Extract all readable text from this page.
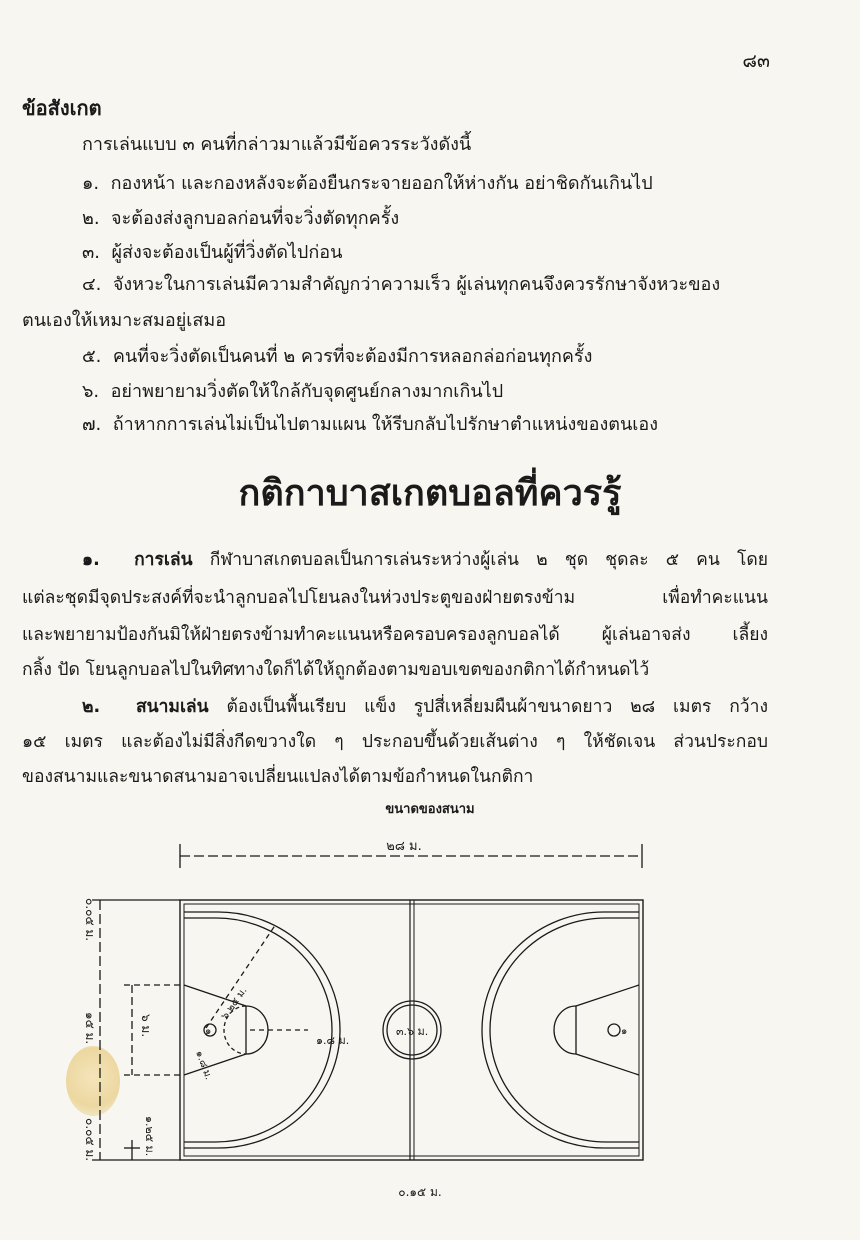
๘๓
ข้อสังเกต
การเล่นแบบ ๓ คนที่กล่าวมาแล้วมีข้อควรระวังดังนี้
๑. กองหน้า และกองหลังจะต้องยืนกระจายออกให้ห่างกัน อย่าชิดกันเกินไป
๒. จะต้องส่งลูกบอลก่อนที่จะวิ่งตัดทุกครั้ง
๓. ผู้ส่งจะต้องเป็นผู้ที่วิ่งตัดไปก่อน
๔. จังหวะในการเล่นมีความสำคัญกว่าความเร็ว ผู้เล่นทุกคนจึงควรรักษาจังหวะของ
ตนเองให้เหมาะสมอยู่เสมอ
๕. คนที่จะวิ่งตัดเป็นคนที่ ๒ ควรที่จะต้องมีการหลอกล่อก่อนทุกครั้ง
๖. อย่าพยายามวิ่งตัดให้ใกล้กับจุดศูนย์กลางมากเกินไป
๗. ถ้าหากการเล่นไม่เป็นไปตามแผน ให้รีบกลับไปรักษาตำแหน่งของตนเอง
กติกาบาสเกตบอลที่ควรรู้
๑. การเล่น กีฬาบาสเกตบอลเป็นการเล่นระหว่างผู้เล่น ๒ ชุด ชุดละ ๕ คน โดย
แต่ละชุดมีจุดประสงค์ที่จะนำลูกบอลไปโยนลงในห่วงประตูของฝ่ายตรงข้าม เพื่อทำคะแนน
และพยายามป้องกันมิให้ฝ่ายตรงข้ามทำคะแนนหรือครอบครองลูกบอลได้ ผู้เล่นอาจส่ง เลี้ยง
กลิ้ง ปัด โยนลูกบอลไปในทิศทางใดก็ได้ให้ถูกต้องตามขอบเขตของกติกาได้กำหนดไว้
๒. สนามเล่น ต้องเป็นพื้นเรียบ แข็ง รูปสี่เหลี่ยมผืนผ้าขนาดยาว ๒๘ เมตร กว้าง
๑๕ เมตร และต้องไม่มีสิ่งกีดขวางใด ๆ ประกอบขึ้นด้วยเส้นต่าง ๆ ให้ชัดเจน ส่วนประกอบ
ของสนามและขนาดสนามอาจเปลี่ยนแปลงได้ตามข้อกำหนดในกติกา
ขนาดของสนาม
๒๘ ม.
๐.๐๕ ม.
๑๕ ม.
๐.๐๕ ม.
๖ ม.
๑.๒๕ ม.
๖.๒๕ ม.
๑.๘ ม.
๑.๘ ม.
๓.๖ ม.
๑	๑
๐.๑๕ ม.
